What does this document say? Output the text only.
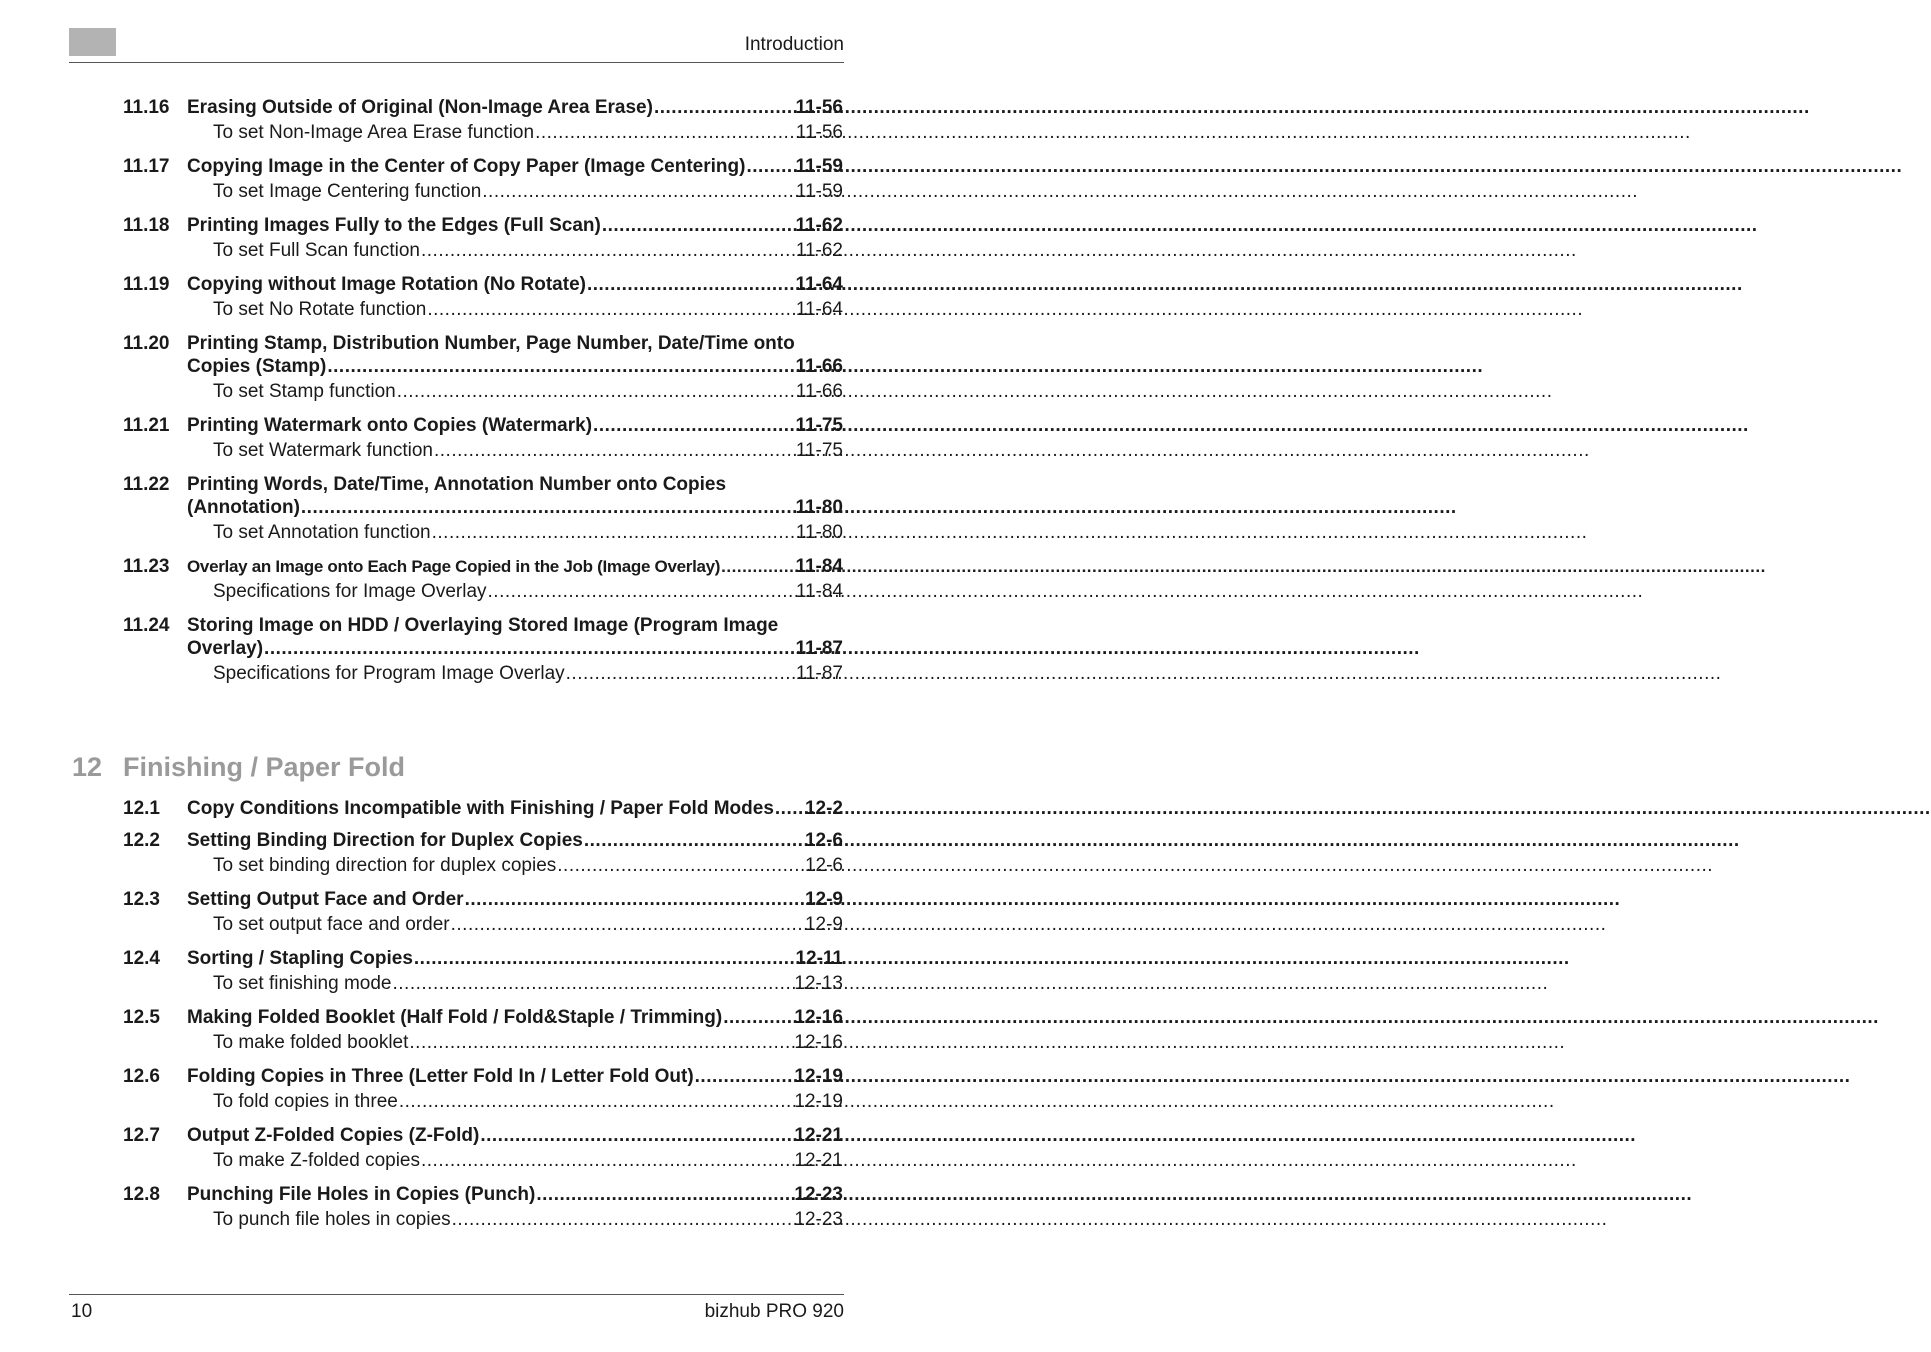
Introduction
11.16 Erasing Outside of Original (Non-Image Area Erase) .....	11-56
To set Non-Image Area Erase function .....	11-56
11.17 Copying Image in the Center of Copy Paper (Image Centering) .....	11-59
To set Image Centering function .....	11-59
11.18 Printing Images Fully to the Edges (Full Scan) .....	11-62
To set Full Scan function .....	11-62
11.19 Copying without Image Rotation (No Rotate) .....	11-64
To set No Rotate function .....	11-64
11.20 Printing Stamp, Distribution Number, Page Number, Date/Time onto
Copies (Stamp) .....	11-66
To set Stamp function .....	11-66
11.21 Printing Watermark onto Copies (Watermark) .....	11-75
To set Watermark function .....	11-75
11.22 Printing Words, Date/Time, Annotation Number onto Copies
(Annotation) .....	11-80
To set Annotation function .....	11-80
11.23	Overlay an Image onto Each Page Copied in the Job (Image Overlay) .....	11-84
Specifications for Image Overlay .....	11-84
11.24 Storing Image on HDD / Overlaying Stored Image (Program Image
Overlay) .....	11-87
Specifications for Program Image Overlay .....	11-87
12 Finishing / Paper Fold
12.1	Copy Conditions Incompatible with Finishing / Paper Fold Modes ..... 12-2
12.2	Setting Binding Direction for Duplex Copies .....	12-6
To set binding direction for duplex copies .....	12-6
12.3	Setting Output Face and Order .....	12-9
To set output face and order .....	12-9
12.4	Sorting / Stapling Copies .....	12-11
To set finishing mode .....	12-13
12.5	Making Folded Booklet (Half Fold / Fold&Staple / Trimming) .....	12-16
To make folded booklet .....	12-16
12.6	Folding Copies in Three (Letter Fold In / Letter Fold Out) .....	12-19
To fold copies in three .....	12-19
12.7	Output Z-Folded Copies (Z-Fold) .....	12-21
To make Z-folded copies .....	12-21
12.8	Punching File Holes in Copies (Punch) .....	12-23
To punch file holes in copies .....	12-23
10	bizhub PRO 920
